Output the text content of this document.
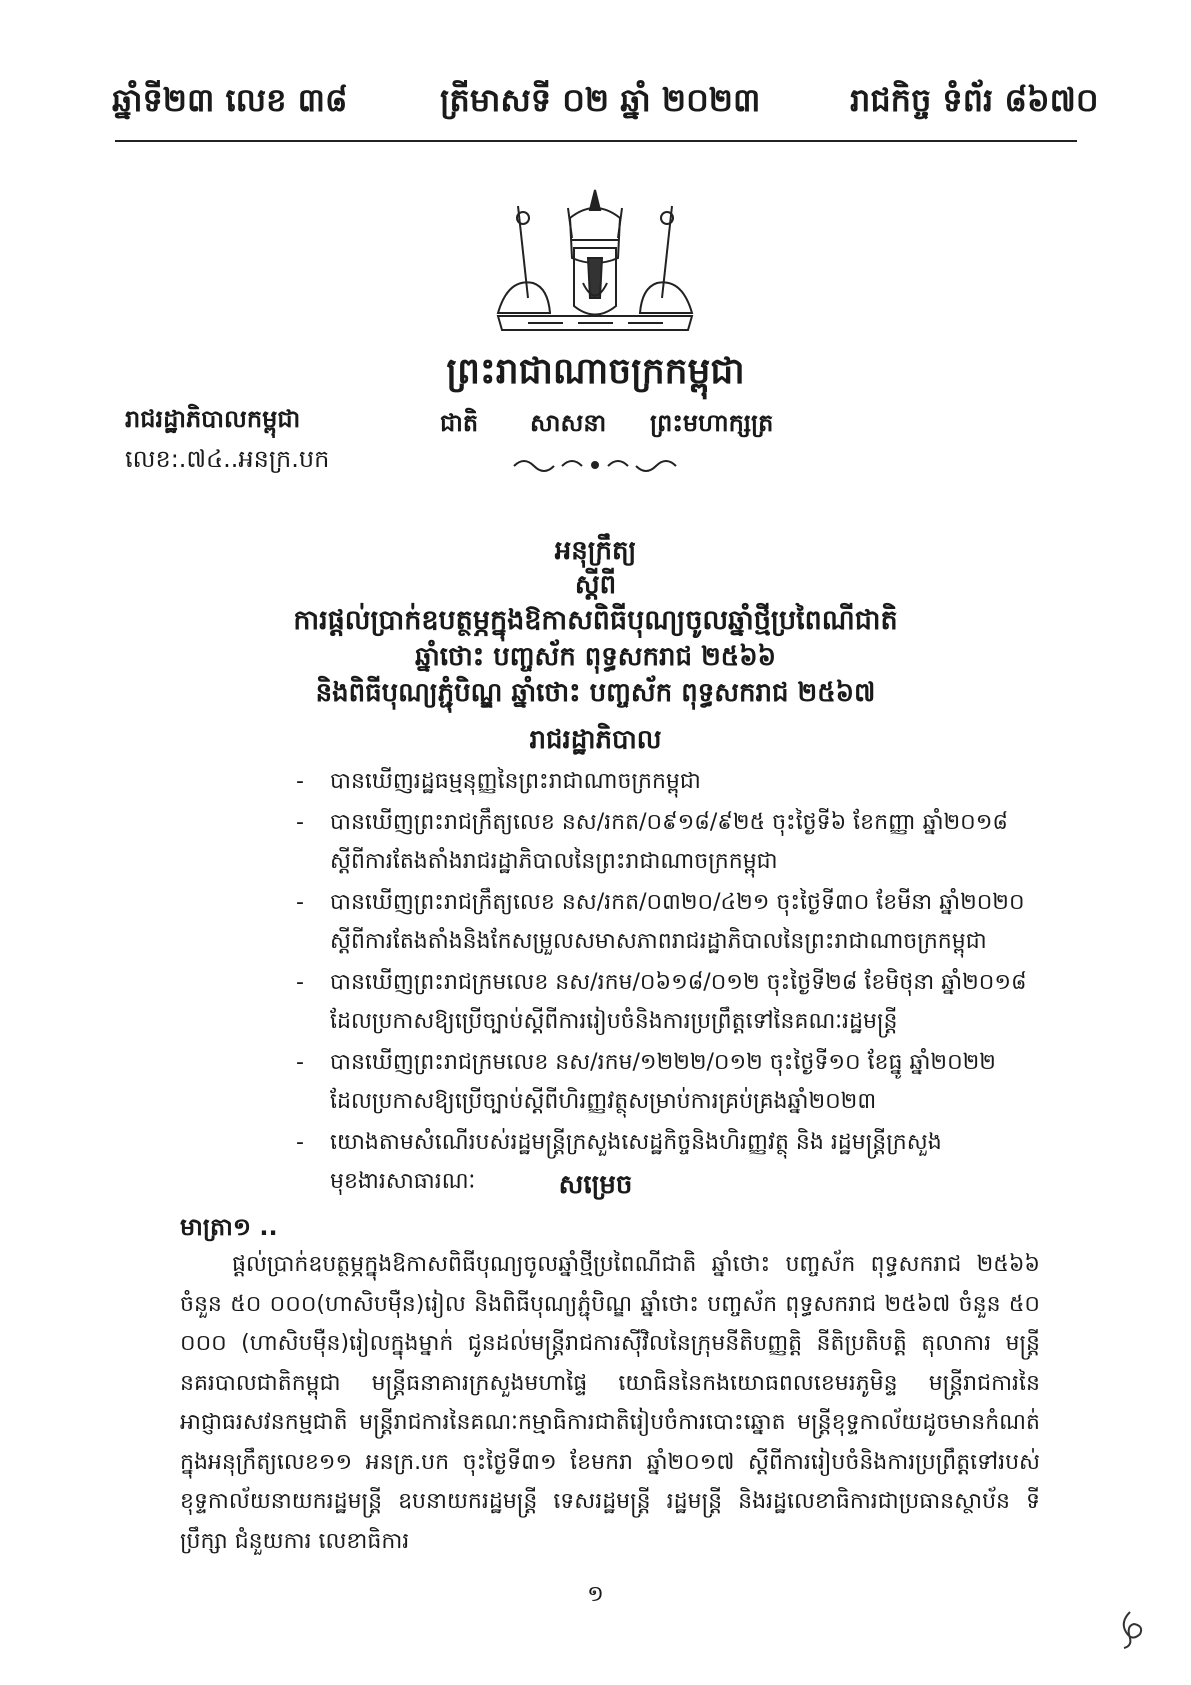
ឆ្នាំទី២៣ លេខ ៣៨	ត្រីមាសទី ០២ ឆ្នាំ ២០២៣	រាជកិច្ច ទំព័រ ៨៦៧០
ព្រះរាជាណាចក្រកម្ពុជា
រាជរដ្ឋាភិបាលកម្ពុជា
លេខ:.៧៤..អនក្រ.បក
ជាតិ សាសនា ព្រះមហាក្សត្រ
អនុក្រឹត្យ
ស្តីពី
ការផ្តល់ប្រាក់ឧបត្ថម្ភក្នុងឱកាសពិធីបុណ្យចូលឆ្នាំថ្មីប្រពៃណីជាតិ
ឆ្នាំថោះ បញ្ចស័ក ពុទ្ធសករាជ ២៥៦៦
និងពិធីបុណ្យភ្ជុំបិណ្ឌ ឆ្នាំថោះ បញ្ចស័ក ពុទ្ធសករាជ ២៥៦៧
រាជរដ្ឋាភិបាល
- បានឃើញរដ្ឋធម្មនុញ្ញនៃព្រះរាជាណាចក្រកម្ពុជា
- បានឃើញព្រះរាជក្រឹត្យលេខ នស/រកត/០៩១៨/៩២៥ ចុះថ្ងៃទី៦ ខែកញ្ញា ឆ្នាំ២០១៨ ស្តីពីការតែងតាំងរាជរដ្ឋាភិបាលនៃព្រះរាជាណាចក្រកម្ពុជា
- បានឃើញព្រះរាជក្រឹត្យលេខ នស/រកត/០៣២០/៤២១ ចុះថ្ងៃទី៣០ ខែមីនា ឆ្នាំ២០២០ ស្តីពីការតែងតាំងនិងកែសម្រួលសមាសភាពរាជរដ្ឋាភិបាលនៃព្រះរាជាណាចក្រកម្ពុជា
- បានឃើញព្រះរាជក្រមលេខ នស/រកម/០៦១៨/០១២ ចុះថ្ងៃទី២៨ ខែមិថុនា ឆ្នាំ២០១៨ ដែលប្រកាសឱ្យប្រើច្បាប់ស្តីពីការរៀបចំនិងការប្រព្រឹត្តទៅនៃគណៈរដ្ឋមន្ត្រី
- បានឃើញព្រះរាជក្រមលេខ នស/រកម/១២២២/០១២ ចុះថ្ងៃទី១០ ខែធ្នូ ឆ្នាំ២០២២ ដែលប្រកាសឱ្យប្រើច្បាប់ស្តីពីហិរញ្ញវត្ថុសម្រាប់ការគ្រប់គ្រងឆ្នាំ២០២៣
- យោងតាមសំណើរបស់រដ្ឋមន្ត្រីក្រសួងសេដ្ឋកិច្ចនិងហិរញ្ញវត្ថុ និង រដ្ឋមន្ត្រីក្រសួងមុខងារសាធារណៈ	សម្រេច
មាត្រា១ ..

ផ្តល់ប្រាក់ឧបត្ថម្ភក្នុងឱកាសពិធីបុណ្យចូលឆ្នាំថ្មីប្រពៃណីជាតិ ឆ្នាំថោះ បញ្ចស័ក ពុទ្ធសករាជ ២៥៦៦ ចំនួន ៥០ ០០០(ហាសិបម៉ឺន)រៀល និងពិធីបុណ្យភ្ជុំបិណ្ឌ ឆ្នាំថោះ បញ្ចស័ក ពុទ្ធសករាជ ២៥៦៧ ចំនួន ៥០ ០០០ (ហាសិបម៉ឺន)រៀលក្នុងម្នាក់ ជូនដល់មន្ត្រីរាជការស៊ីវិលនៃក្រុមនីតិបញ្ញត្តិ នីតិប្រតិបត្តិ តុលាការ មន្ត្រីនគរបាលជាតិកម្ពុជា មន្ត្រីធនាគារក្រសួងមហាផ្ទៃ យោធិននៃកងយោធពលខេមរភូមិន្ទ មន្ត្រីរាជការនៃអាជ្ញាធរសវនកម្មជាតិ មន្ត្រីរាជការនៃគណៈកម្មាធិការជាតិរៀបចំការបោះឆ្នោត មន្ត្រីខុទ្ទកាល័យដូចមានកំណត់ក្នុងអនុក្រឹត្យលេខ១១ អនក្រ.បក ចុះថ្ងៃទី៣១ ខែមករា ឆ្នាំ២០១៧ ស្តីពីការរៀបចំនិងការប្រព្រឹត្តទៅរបស់ខុទ្ទកាល័យនាយករដ្ឋមន្ត្រី ឧបនាយករដ្ឋមន្ត្រី ទេសរដ្ឋមន្ត្រី រដ្ឋមន្ត្រី និងរដ្ឋលេខាធិការជាប្រធានស្ថាប័ន ទីប្រឹក្សា ជំនួយការ លេខាធិការ

១
